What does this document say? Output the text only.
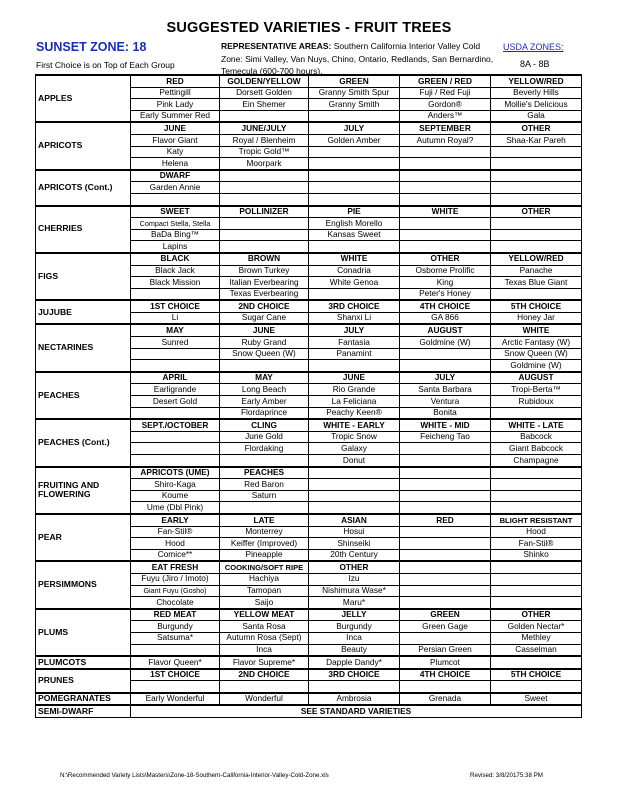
SUGGESTED VARIETIES - FRUIT TREES
SUNSET ZONE: 18
First Choice is on Top of Each Group
REPRESENTATIVE AREAS: Southern California Interior Valley Cold Zone: Simi Valley, Van Nuys, Chino, Ontario, Redlands, San Bernardino, Temecula (600-700 hours).
USDA ZONES:
8A - 8B
APPLES	RED	GOLDEN/YELLOW	GREEN	GREEN / RED	YELLOW/RED
	Pettingill	Dorsett Golden	Granny Smith Spur	Fuji / Red Fuji	Beverly Hills
	Pink Lady	Ein Shemer	Granny Smith	Gordon®	Mollie's Delicious
	Early Summer Red			Anders™	Gala
APRICOTS	JUNE	JUNE/JULY	JULY	SEPTEMBER	OTHER
	Flavor Giant	Royal / Blenheim	Golden Amber	Autumn Royal?	Shaa-Kar Pareh
	Katy	Tropic Gold™			
	Helena	Moorpark			
APRICOTS (Cont.)	DWARF				
	Garden Annie				

CHERRIES	SWEET	POLLINIZER	PIE	WHITE	OTHER
	Compact Stella, Stella		English Morello		
	BaDa Bing™		Kansas Sweet		
	Lapins				
FIGS	BLACK	BROWN	WHITE	OTHER	YELLOW/RED
	Black Jack	Brown Turkey	Conadria	Osborne Prolific	Panache
	Black Mission	Italian Everbearing	White Genoa	King	Texas Blue Giant
		Texas Everbearing		Peter's Honey	
JUJUBE	1ST CHOICE	2ND CHOICE	3RD CHOICE	4TH CHOICE	5TH CHOICE
	Li	Sugar Cane	Shanxi Li	GA 866	Honey Jar
NECTARINES	MAY	JUNE	JULY	AUGUST	WHITE
	Sunred	Ruby Grand	Fantasia	Goldmine (W)	Arctic Fantasy (W)
		Snow Queen (W)	Panamint		Snow Queen (W)
					Goldmine (W)
PEACHES	APRIL	MAY	JUNE	JULY	AUGUST
	Earligrande	Long Beach	Rio Grande	Santa Barbara	Tropi-Berta™
	Desert Gold	Early Amber	La Feliciana	Ventura	Rubidoux
		Flordaprince	Peachy Keen®	Bonita	
PEACHES (Cont.)	SEPT./OCTOBER	CLING	WHITE - EARLY	WHITE - MID	WHITE - LATE
		June Gold	Tropic Snow	Feicheng Tao	Babcock
		Flordaking	Galaxy		Giant Babcock
			Donut		Champagne
FRUITING AND FLOWERING	APRICOTS (UME)	PEACHES			
	Shiro-Kaga	Red Baron			
	Koume	Saturn			
	Ume (Dbl Pink)				
PEAR	EARLY	LATE	ASIAN	RED	BLIGHT RESISTANT
	Fan-Stil®	Monterrey	Hosui		Hood
	Hood	Keiffer (Improved)	Shinseiki		Fan-Stil®
	Comice**	Pineapple	20th Century		Shinko
PERSIMMONS	EAT FRESH	COOKING/SOFT RIPE	OTHER		
	Fuyu (Jiro / Imoto)	Hachiya	Izu		
	Giant Fuyu (Gosho)	Tamopan	Nishimura Wase*		
	Chocolate	Saijo	Maru*		
PLUMS	RED MEAT	YELLOW MEAT	JELLY	GREEN	OTHER
	Burgundy	Santa Rosa	Burgundy	Green Gage	Golden Nectar*
	Satsuma*	Autumn Rosa (Sept)	Inca		Methley
		Inca	Beauty	Persian Green	Casselman
PLUMCOTS	Flavor Queen*	Flavor Supreme*	Dapple Dandy*	Plumcot	
PRUNES	1ST CHOICE	2ND CHOICE	3RD CHOICE	4TH CHOICE	5TH CHOICE

POMEGRANATES	Early Wonderful	Wonderful	Ambrosia	Grenada	Sweet
SEMI-DWARF	SEE STANDARD VARIETIES				
N:\Recommended Variety Lists\Masters\Zone-18-Southern-California-Interior-Valley-Cold-Zone.xls	Revised: 3/8/20175:38 PM
